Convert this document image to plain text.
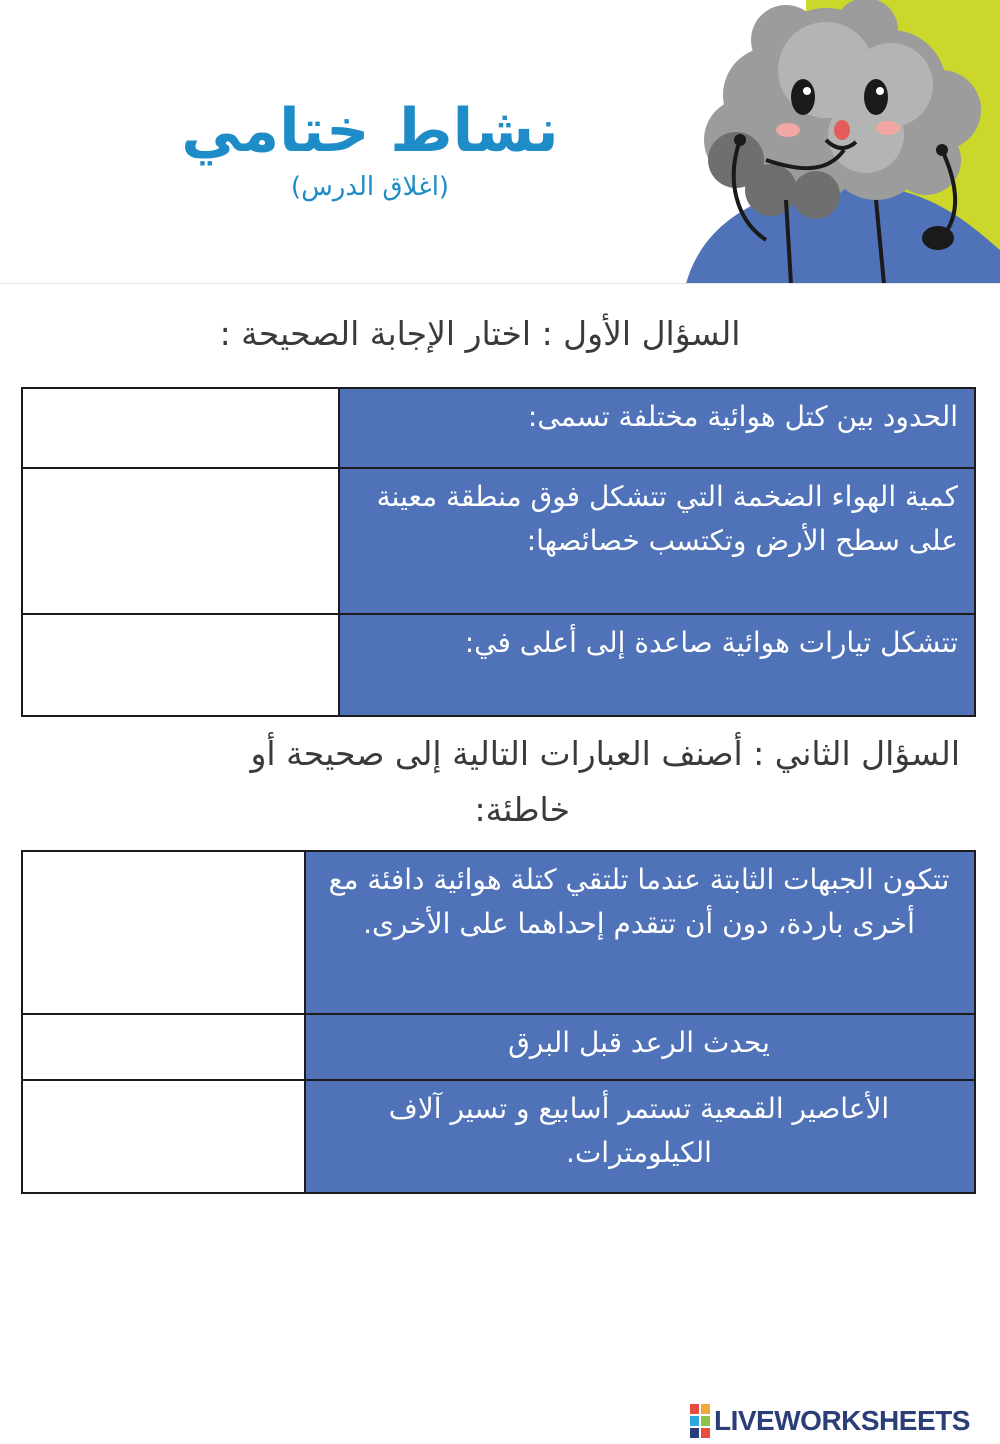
نشاط ختامي
(اغلاق الدرس)
السؤال الأول : اختار الإجابة الصحيحة :
	الحدود بين كتل هوائية مختلفة تسمى:
	كمية الهواء الضخمة التي تتشكل فوق منطقة معينة على سطح الأرض وتكتسب خصائصها:
	تتشكل تيارات هوائية صاعدة إلى أعلى في:
السؤال الثاني : أصنف العبارات التالية إلى صحيحة أو
خاطئة:
	تتكون الجبهات الثابتة عندما تلتقي كتلة هوائية دافئة مع أخرى باردة، دون أن تتقدم إحداهما على الأخرى.
	يحدث الرعد قبل البرق
	الأعاصير القمعية تستمر أسابيع و تسير آلاف الكيلومترات.
LIVEWORKSHEETS
